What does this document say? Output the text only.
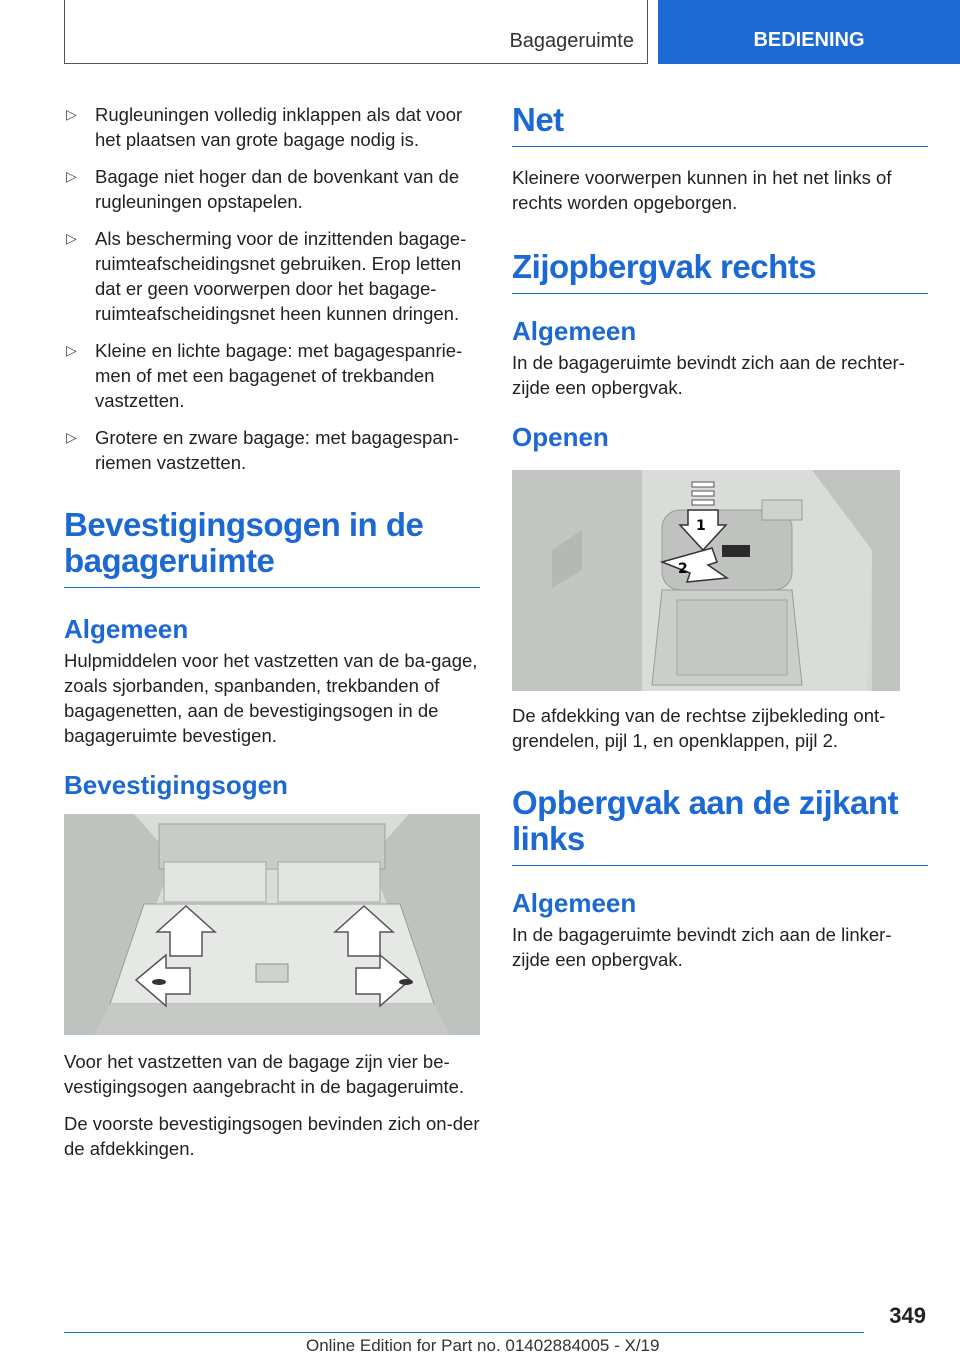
Bagageruimte	BEDIENING
▷ Rugleuningen volledig inklappen als dat voor het plaatsen van grote bagage nodig is.
▷ Bagage niet hoger dan de bovenkant van de rugleuningen opstapelen.
▷ Als bescherming voor de inzittenden bagage-ruimteafscheidingsnet gebruiken. Erop letten dat er geen voorwerpen door het bagage-ruimteafscheidingsnet heen kunnen dringen.
▷ Kleine en lichte bagage: met bagagespanrie-men of met een bagagenet of trekbanden vastzetten.
▷ Grotere en zware bagage: met bagagespan-riemen vastzetten.
Bevestigingsogen in de bagageruimte
Algemeen

Hulpmiddelen voor het vastzetten van de ba-gage, zoals sjorbanden, spanbanden, trekbanden of bagagenetten, aan de bevestigingsogen in de bagageruimte bevestigen.

Bevestigingsogen

Voor het vastzetten van de bagage zijn vier be-vestigingsogen aangebracht in de bagageruimte.

De voorste bevestigingsogen bevinden zich on-der de afdekkingen.

Net

Kleinere voorwerpen kunnen in het net links of rechts worden opgeborgen.

Zijopbergvak rechts
Algemeen

In de bagageruimte bevindt zich aan de rechter-zijde een opbergvak.

Openen
1
2

De afdekking van de rechtse zijbekleding ont-grendelen, pijl 1, en openklappen, pijl 2.

Opbergvak aan de zijkant links
Algemeen

In de bagageruimte bevindt zich aan de linker-zijde een opbergvak.

349
Online Edition for Part no. 01402884005 - X/19
